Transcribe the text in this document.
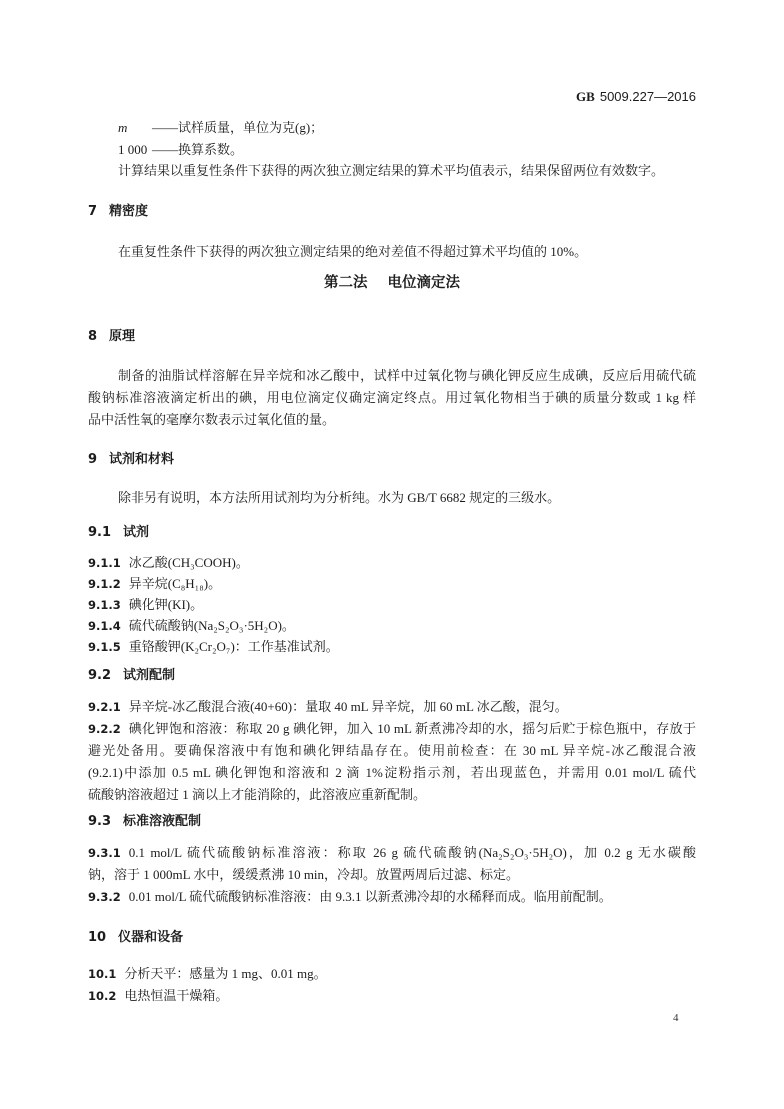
GB 5009.227—2016
m ——试样质量，单位为克(g)；
1 000 ——换算系数。
计算结果以重复性条件下获得的两次独立测定结果的算术平均值表示，结果保留两位有效数字。
7 精密度
在重复性条件下获得的两次独立测定结果的绝对差值不得超过算术平均值的 10%。
第二法 电位滴定法
8 原理
制备的油脂试样溶解在异辛烷和冰乙酸中，试样中过氧化物与碘化钾反应生成碘，反应后用硫代硫
酸钠标准溶液滴定析出的碘，用电位滴定仪确定滴定终点。用过氧化物相当于碘的质量分数或 1 kg 样
品中活性氧的毫摩尔数表示过氧化值的量。
9 试剂和材料
除非另有说明，本方法所用试剂均为分析纯。水为 GB/T 6682 规定的三级水。
9.1 试剂
9.1.1 冰乙酸(CH₃COOH)。
9.1.2 异辛烷(C₈H₁₈)。
9.1.3 碘化钾(KI)。
9.1.4 硫代硫酸钠(Na₂S₂O₃·5H₂O)。
9.1.5 重铬酸钾(K₂Cr₂O₇)：工作基准试剂。
9.2 试剂配制
9.2.1 异辛烷-冰乙酸混合液(40+60)：量取 40 mL 异辛烷，加 60 mL 冰乙酸，混匀。
9.2.2 碘化钾饱和溶液：称取 20 g 碘化钾，加入 10 mL 新煮沸冷却的水，摇匀后贮于棕色瓶中，存放于
避光处备用。要确保溶液中有饱和碘化钾结晶存在。使用前检查：在 30 mL 异辛烷-冰乙酸混合液
(9.2.1)中添加 0.5 mL 碘化钾饱和溶液和 2 滴 1%淀粉指示剂，若出现蓝色，并需用 0.01 mol/L 硫代
硫酸钠溶液超过 1 滴以上才能消除的，此溶液应重新配制。
9.3 标准溶液配制
9.3.1 0.1 mol/L 硫代硫酸钠标准溶液：称取 26 g 硫代硫酸钠(Na₂S₂O₃·5H₂O)，加 0.2 g 无水碳酸
钠，溶于 1 000mL 水中，缓缓煮沸 10 min，冷却。放置两周后过滤、标定。
9.3.2 0.01 mol/L 硫代硫酸钠标准溶液：由 9.3.1 以新煮沸冷却的水稀释而成。临用前配制。
10 仪器和设备
10.1 分析天平：感量为 1 mg、0.01 mg。
10.2 电热恒温干燥箱。
4
